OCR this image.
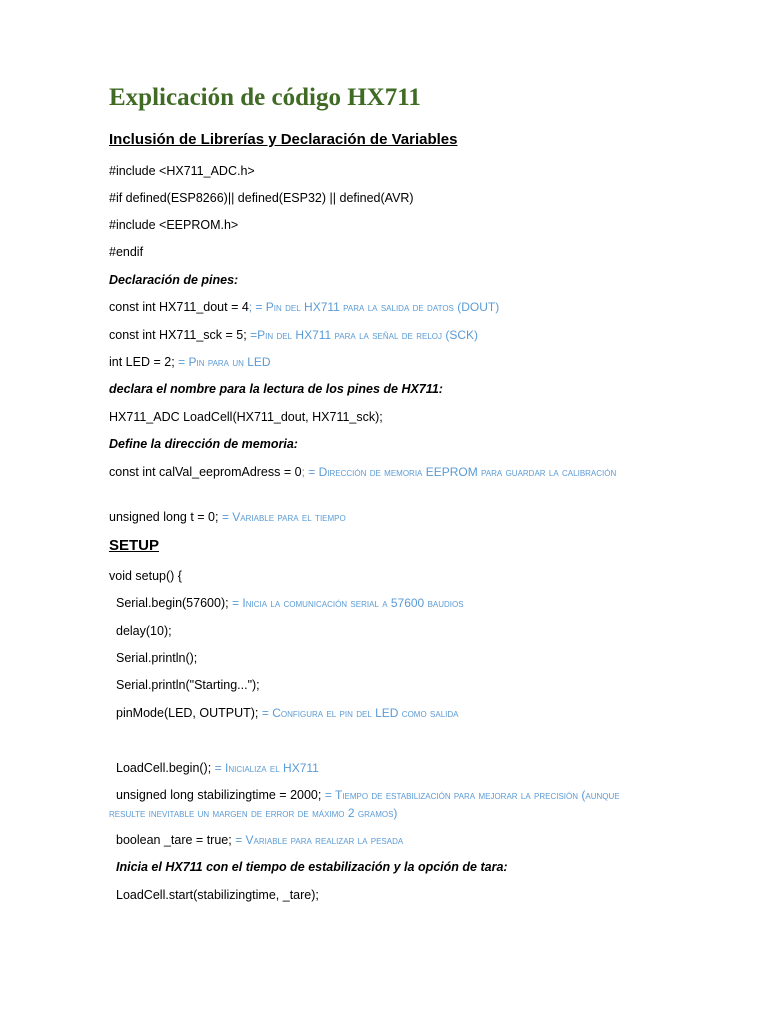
Explicación de código HX711
Inclusión de Librerías y Declaración de Variables
#include <HX711_ADC.h>
#if defined(ESP8266)|| defined(ESP32) || defined(AVR)
#include <EEPROM.h>
#endif
Declaración de pines:
const int HX711_dout = 4; = Pin del HX711 para la salida de datos (DOUT)
const int HX711_sck = 5; =Pin del HX711 para la señal de reloj (SCK)
int LED = 2; = Pin para un LED
declara el nombre para la lectura de los pines de HX711:
HX711_ADC LoadCell(HX711_dout, HX711_sck);
Define la dirección de memoria:
const int calVal_eepromAdress = 0; = Dirección de memoria EEPROM para guardar la calibración
unsigned long t = 0; = Variable para el tiempo
SETUP
void setup() {
Serial.begin(57600); = Inicia la comunicación serial a 57600 baudios
delay(10);
Serial.println();
Serial.println("Starting...");
pinMode(LED, OUTPUT); = Configura el pin del LED como salida
LoadCell.begin(); = Inicializa el HX711
unsigned long stabilizingtime = 2000; = Tiempo de estabilización para mejorar la precisión (aunque resulte inevitable un margen de error de máximo 2 gramos)
boolean _tare = true; = Variable para realizar la pesada
Inicia el HX711 con el tiempo de estabilización y la opción de tara:
LoadCell.start(stabilizingtime, _tare);
